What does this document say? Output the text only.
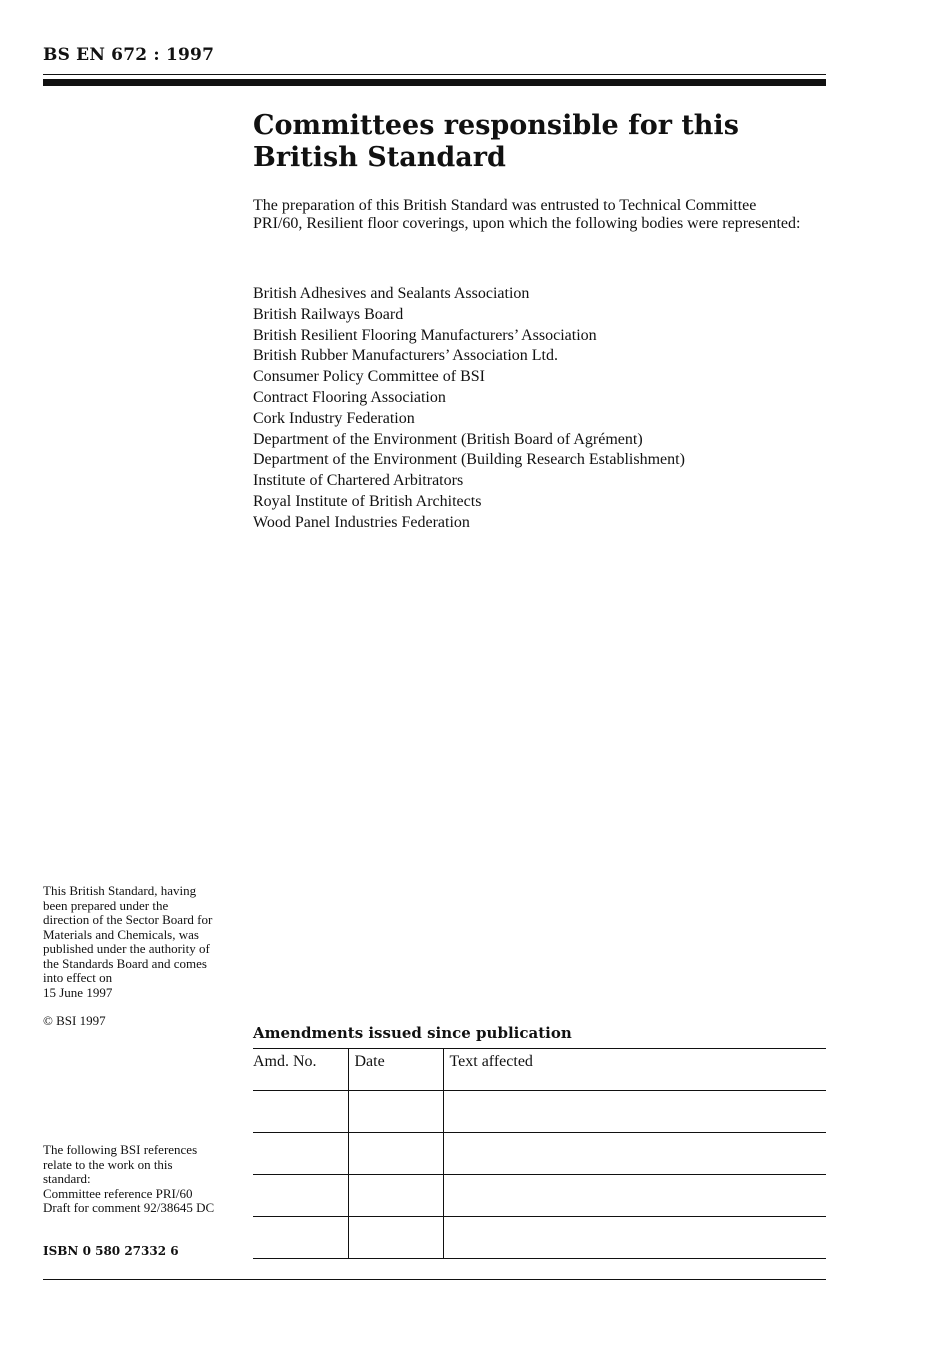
BS EN 672 : 1997
Committees responsible for this
British Standard
The preparation of this British Standard was entrusted to Technical Committee PRI/60, Resilient floor coverings, upon which the following bodies were represented:
British Adhesives and Sealants Association
British Railways Board
British Resilient Flooring Manufacturers’ Association
British Rubber Manufacturers’ Association Ltd.
Consumer Policy Committee of BSI
Contract Flooring Association
Cork Industry Federation
Department of the Environment (British Board of Agrément)
Department of the Environment (Building Research Establishment)
Institute of Chartered Arbitrators
Royal Institute of British Architects
Wood Panel Industries Federation

This British Standard, having

been prepared under the

direction of the Sector Board for

Materials and Chemicals, was

published under the authority of

the Standards Board and comes

into effect on

15 June 1997

© BSI 1997

The following BSI references

relate to the work on this

standard:

Committee reference PRI/60

Draft for comment 92/38645 DC

ISBN 0 580 27332 6
Amendments issued since publication
Amd. No.	Date	Text affected
